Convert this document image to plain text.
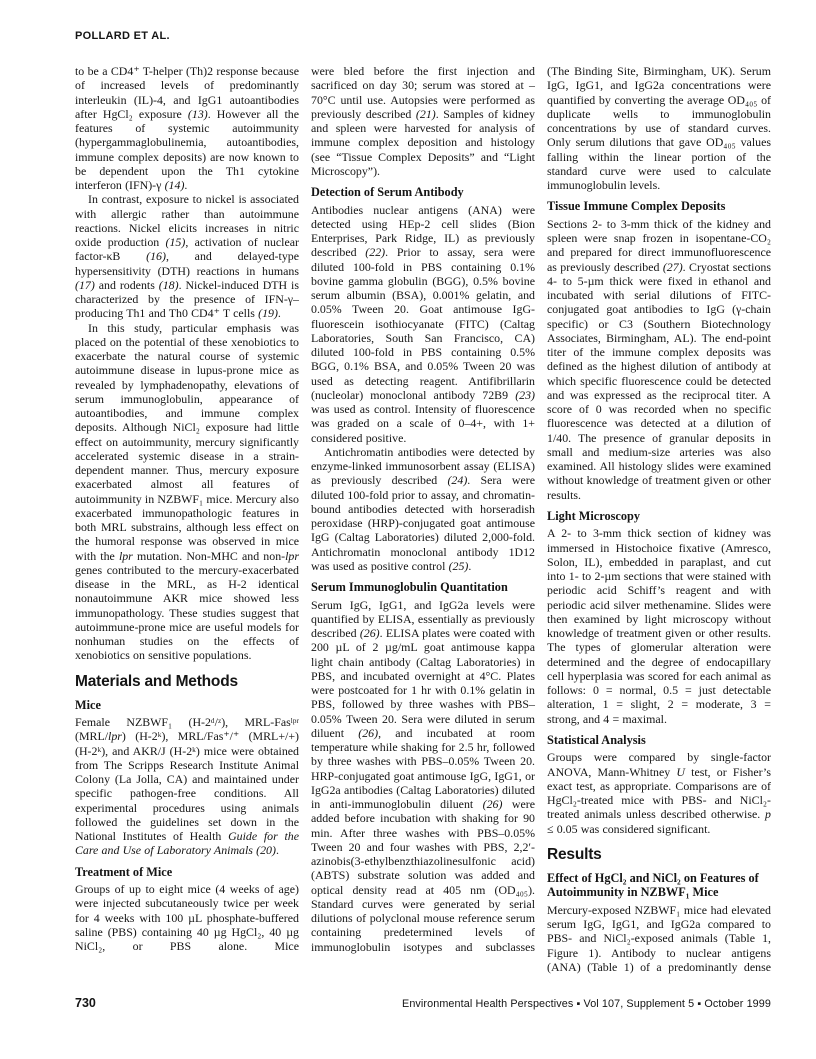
POLLARD ET AL.

to be a CD4⁺ T-helper (Th)2 response because of increased levels of predominantly interleukin (IL)-4, and IgG1 autoantibodies after HgCl₂ exposure (13). However all the features of systemic autoimmunity (hypergammaglobulinemia, autoantibodies, immune complex deposits) are now known to be dependent upon the Th1 cytokine interferon (IFN)-γ (14).

In contrast, exposure to nickel is associated with allergic rather than autoimmune reactions. Nickel elicits increases in nitric oxide production (15), activation of nuclear factor-κB (16), and delayed-type hypersensitivity (DTH) reactions in humans (17) and rodents (18). Nickel-induced DTH is characterized by the presence of IFN-γ–producing Th1 and Th0 CD4⁺ T cells (19).

In this study, particular emphasis was placed on the potential of these xenobiotics to exacerbate the natural course of systemic autoimmune disease in lupus-prone mice as revealed by lymphadenopathy, elevations of serum immunoglobulin, appearance of autoantibodies, and immune complex deposits. Although NiCl₂ exposure had little effect on autoimmunity, mercury significantly accelerated systemic disease in a strain-dependent manner. Thus, mercury exposure exacerbated almost all features of autoimmunity in NZBWF₁ mice. Mercury also exacerbated immunopathologic features in both MRL substrains, although less effect on the humoral response was observed in mice with the lpr mutation. Non-MHC and non-lpr genes contributed to the mercury-exacerbated disease in the MRL, as H-2 identical nonautoimmune AKR mice showed less immunopathology. These studies suggest that autoimmune-prone mice are useful models for nonhuman studies on the effects of xenobiotics on sensitive populations.

Materials and Methods
Mice

Female NZBWF₁ (H-2ᵈ/ᶻ), MRL-Fasˡᵖʳ (MRL/lpr) (H-2ᵏ), MRL/Fas⁺/⁺ (MRL+/+) (H-2ᵏ), and AKR/J (H-2ᵏ) mice were obtained from The Scripps Research Institute Animal Colony (La Jolla, CA) and maintained under specific pathogen-free conditions. All experimental procedures using animals followed the guidelines set down in the National Institutes of Health Guide for the Care and Use of Laboratory Animals (20).

Treatment of Mice

Groups of up to eight mice (4 weeks of age) were injected subcutaneously twice per week for 4 weeks with 100 µL phosphate-buffered saline (PBS) containing 40 µg HgCl₂, 40 µg NiCl₂, or PBS alone. Mice

were bled before the first injection and sacrificed on day 30; serum was stored at –70°C until use. Autopsies were performed as previously described (21). Samples of kidney and spleen were harvested for analysis of immune complex deposition and histology (see “Tissue Complex Deposits” and “Light Microscopy”).

Detection of Serum Antibody

Antibodies nuclear antigens (ANA) were detected using HEp-2 cell slides (Bion Enterprises, Park Ridge, IL) as previously described (22). Prior to assay, sera were diluted 100-fold in PBS containing 0.1% bovine gamma globulin (BGG), 0.5% bovine serum albumin (BSA), 0.001% gelatin, and 0.05% Tween 20. Goat antimouse IgG-fluorescein isothiocyanate (FITC) (Caltag Laboratories, South San Francisco, CA) diluted 100-fold in PBS containing 0.5% BGG, 0.1% BSA, and 0.05% Tween 20 was used as detecting reagent. Antifibrillarin (nucleolar) monoclonal antibody 72B9 (23) was used as control. Intensity of fluorescence was graded on a scale of 0–4+, with 1+ considered positive.

Antichromatin antibodies were detected by enzyme-linked immunosorbent assay (ELISA) as previously described (24). Sera were diluted 100-fold prior to assay, and chromatin-bound antibodies detected with horseradish peroxidase (HRP)-conjugated goat antimouse IgG (Caltag Laboratories) diluted 2,000-fold. Antichromatin monoclonal antibody 1D12 was used as positive control (25).

Serum Immunoglobulin Quantitation

Serum IgG, IgG1, and IgG2a levels were quantified by ELISA, essentially as previously described (26). ELISA plates were coated with 200 µL of 2 µg/mL goat antimouse kappa light chain antibody (Caltag Laboratories) in PBS, and incubated overnight at 4°C. Plates were postcoated for 1 hr with 0.1% gelatin in PBS, followed by three washes with PBS–0.05% Tween 20. Sera were diluted in serum diluent (26), and incubated at room temperature while shaking for 2.5 hr, followed by three washes with PBS–0.05% Tween 20. HRP-conjugated goat antimouse IgG, IgG1, or IgG2a antibodies (Caltag Laboratories) diluted in anti-immunoglobulin diluent (26) were added before incubation with shaking for 90 min. After three washes with PBS–0.05% Tween 20 and four washes with PBS, 2,2′-azinobis(3-ethylbenzthiazolinesulfonic acid) (ABTS) substrate solution was added and optical density read at 405 nm (OD₄₀₅). Standard curves were generated by serial dilutions of polyclonal mouse reference serum containing predetermined levels of immunoglobulin isotypes and subclasses

(The Binding Site, Birmingham, UK). Serum IgG, IgG1, and IgG2a concentrations were quantified by converting the average OD₄₀₅ of duplicate wells to immunoglobulin concentrations by use of standard curves. Only serum dilutions that gave OD₄₀₅ values falling within the linear portion of the standard curve were used to calculate immunoglobulin levels.

Tissue Immune Complex Deposits

Sections 2- to 3-mm thick of the kidney and spleen were snap frozen in isopentane-CO₂ and prepared for direct immunofluorescence as previously described (27). Cryostat sections 4- to 5-µm thick were fixed in ethanol and incubated with serial dilutions of FITC-conjugated goat antibodies to IgG (γ-chain specific) or C3 (Southern Biotechnology Associates, Birmingham, AL). The end-point titer of the immune complex deposits was defined as the highest dilution of antibody at which specific fluorescence could be detected and was expressed as the reciprocal titer. A score of 0 was recorded when no specific fluorescence was detected at a dilution of 1/40. The presence of granular deposits in small and medium-size arteries was also examined. All histology slides were examined without knowledge of treatment given or other results.

Light Microscopy

A 2- to 3-mm thick section of kidney was immersed in Histochoice fixative (Amresco, Solon, IL), embedded in paraplast, and cut into 1- to 2-µm sections that were stained with periodic acid Schiff’s reagent and with periodic acid silver methenamine. Slides were then examined by light microscopy without knowledge of treatment given or other results. The types of glomerular alteration were determined and the degree of endocapillary cell hyperplasia was scored for each animal as follows: 0 = normal, 0.5 = just detectable alteration, 1 = slight, 2 = moderate, 3 = strong, and 4 = maximal.

Statistical Analysis

Groups were compared by single-factor ANOVA, Mann-Whitney U test, or Fisher’s exact test, as appropriate. Comparisons are of HgCl₂-treated mice with PBS- and NiCl₂-treated animals unless described otherwise. p ≤ 0.05 was considered significant.

Results
Effect of HgCl₂ and NiCl₂ on Features of Autoimmunity in NZBWF₁ Mice

Mercury-exposed NZBWF₁ mice had elevated serum IgG, IgG1, and IgG2a compared to PBS- and NiCl₂-exposed animals (Table 1, Figure 1). Antibody to nuclear antigens (ANA) (Table 1) of a predominantly dense

730	Environmental Health Perspectives ▪ Vol 107, Supplement 5 ▪ October 1999
